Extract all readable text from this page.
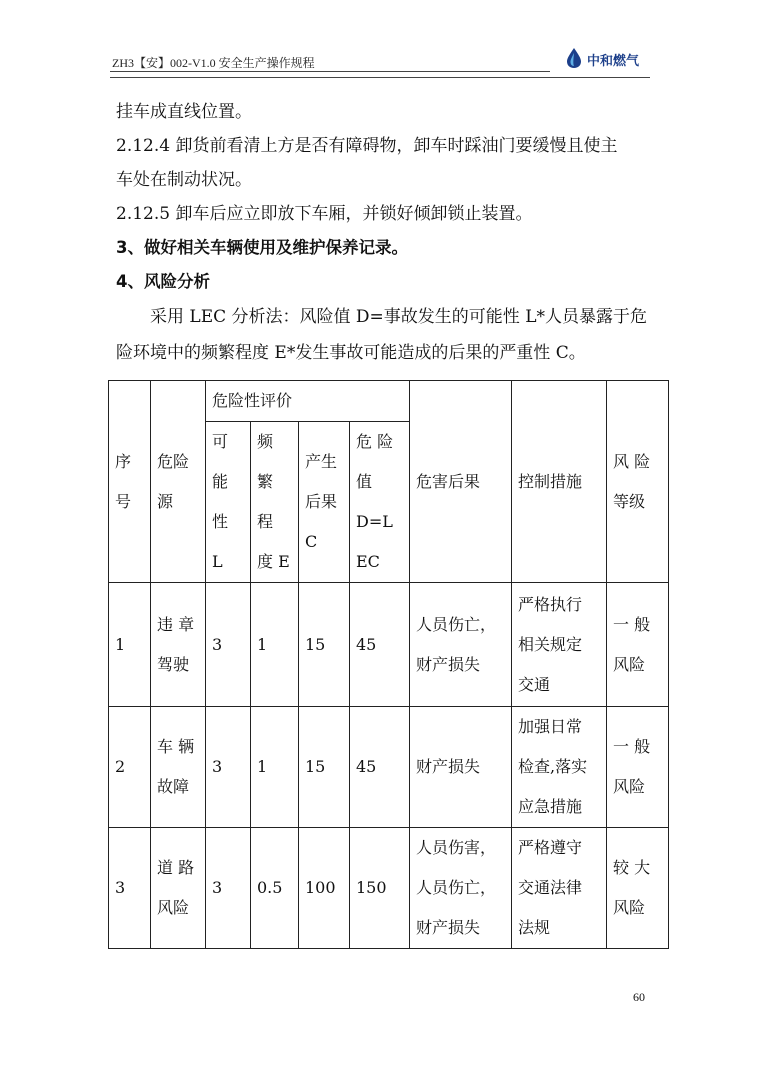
ZH3【安】002-V1.0 安全生产操作规程	中和燃气

挂车成直线位置。

2.12.4 卸货前看清上方是否有障碍物，卸车时踩油门要缓慢且使主

车处在制动状况。

2.12.5 卸车后应立即放下车厢，并锁好倾卸锁止装置。

3、做好相关车辆使用及维护保养记录。

4、风险分析

采用 LEC 分析法：风险值 D=事故发生的可能性 L*人员暴露于危

险环境中的频繁程度 E*发生事故可能造成的后果的严重性 C。

序
号	危险
源	危险性评价				危害后果	控制措施	风 险
等级

		可
能
性
L	频
繁
程
度 E	产生
后果
C	危 险
值
D=LEC			

1	违 章
驾驶	3	1	15	45	人员伤亡，
财产损失	严格执行
相关规定
交通	一 般
风险

2	车 辆
故障	3	1	15	45	财产损失	加强日常
检查,落实
应急措施	一 般
风险

3	道 路
风险	3	0.5	100	150	人员伤害，
人员伤亡，
财产损失	严格遵守
交通法律
法规	较 大
风险
60
